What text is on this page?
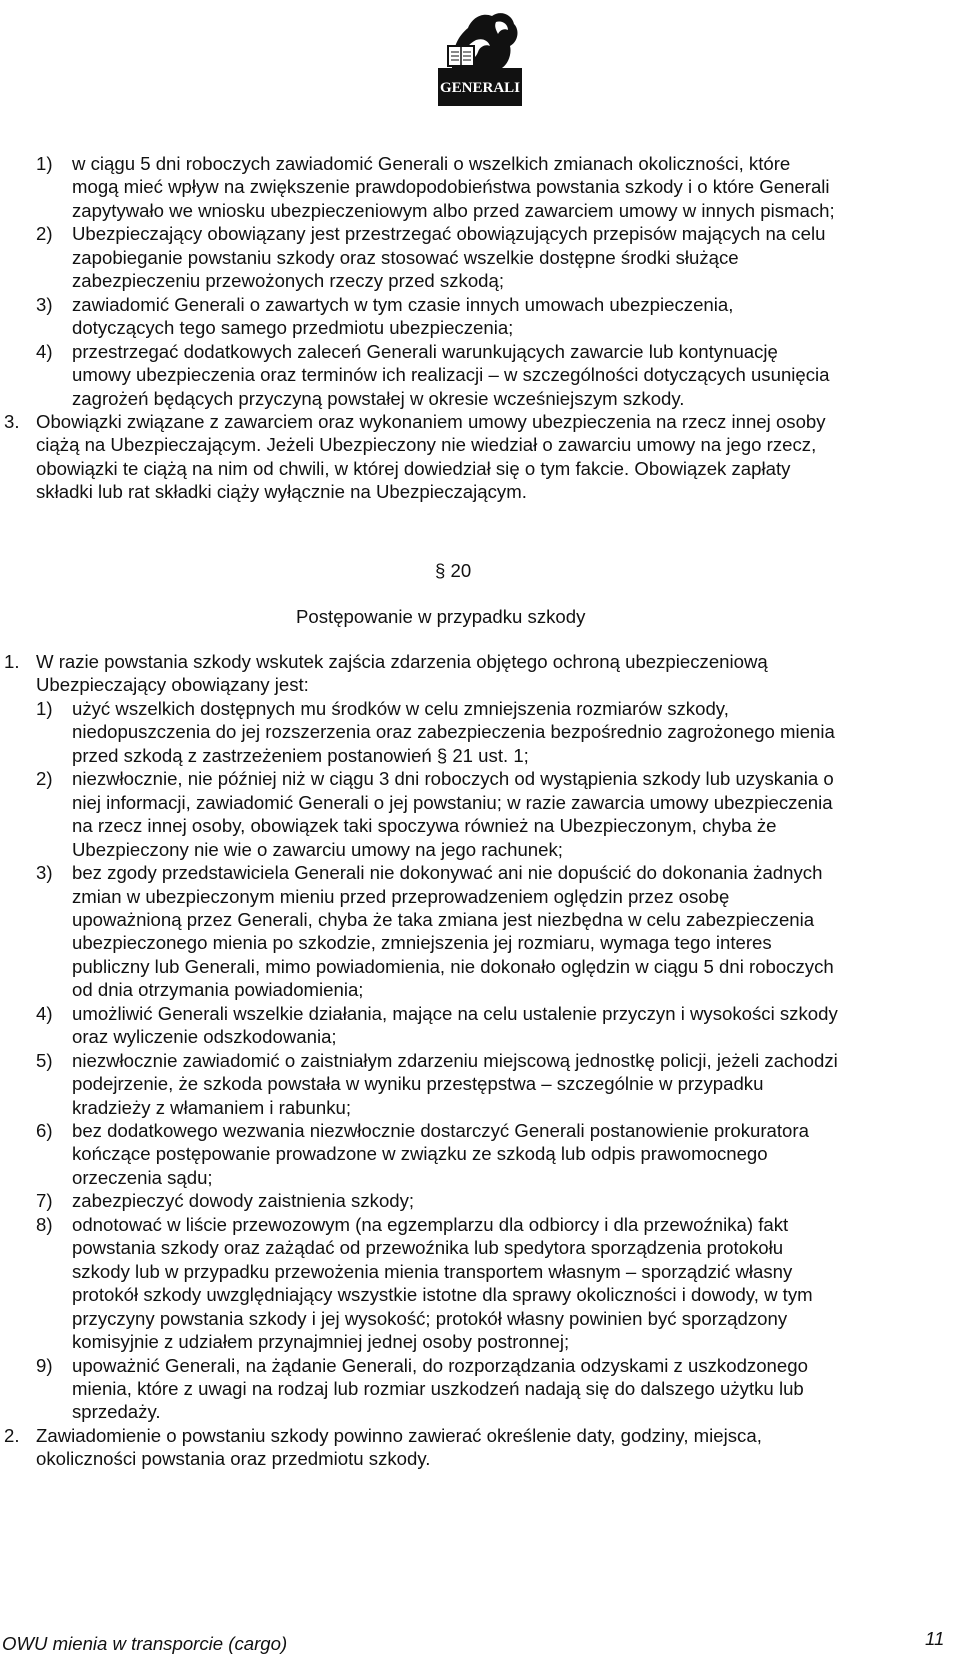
GENERALI
1) w ciągu 5 dni roboczych zawiadomić Generali o wszelkich zmianach okoliczności, które
mogą mieć wpływ na zwiększenie prawdopodobieństwa powstania szkody i o które Generali
zapytywało we wniosku ubezpieczeniowym albo przed zawarciem umowy w innych pismach;
2) Ubezpieczający obowiązany jest przestrzegać obowiązujących przepisów mających na celu
zapobieganie powstaniu szkody oraz stosować wszelkie dostępne środki służące
zabezpieczeniu przewożonych rzeczy przed szkodą;
3) zawiadomić Generali o zawartych w tym czasie innych umowach ubezpieczenia,
dotyczących tego samego przedmiotu ubezpieczenia;
4) przestrzegać dodatkowych zaleceń Generali warunkujących zawarcie lub kontynuację
umowy ubezpieczenia oraz terminów ich realizacji – w szczególności dotyczących usunięcia
zagrożeń będących przyczyną powstałej w okresie wcześniejszym szkody.
3. Obowiązki związane z zawarciem oraz wykonaniem umowy ubezpieczenia na rzecz innej osoby
ciążą na Ubezpieczającym. Jeżeli Ubezpieczony nie wiedział o zawarciu umowy na jego rzecz,
obowiązki te ciążą na nim od chwili, w której dowiedział się o tym fakcie. Obowiązek zapłaty
składki lub rat składki ciąży wyłącznie na Ubezpieczającym.
§ 20
Postępowanie w przypadku szkody
1. W razie powstania szkody wskutek zajścia zdarzenia objętego ochroną ubezpieczeniową
Ubezpieczający obowiązany jest:
1) użyć wszelkich dostępnych mu środków w celu zmniejszenia rozmiarów szkody,
niedopuszczenia do jej rozszerzenia oraz zabezpieczenia bezpośrednio zagrożonego mienia
przed szkodą z zastrzeżeniem postanowień § 21 ust. 1;
2) niezwłocznie, nie później niż w ciągu 3 dni roboczych od wystąpienia szkody lub uzyskania o
niej informacji, zawiadomić Generali o jej powstaniu; w razie zawarcia umowy ubezpieczenia
na rzecz innej osoby, obowiązek taki spoczywa również na Ubezpieczonym, chyba że
Ubezpieczony nie wie o zawarciu umowy na jego rachunek;
3) bez zgody przedstawiciela Generali nie dokonywać ani nie dopuścić do dokonania żadnych
zmian w ubezpieczonym mieniu przed przeprowadzeniem oględzin przez osobę
upoważnioną przez Generali, chyba że taka zmiana jest niezbędna w celu zabezpieczenia
ubezpieczonego mienia po szkodzie, zmniejszenia jej rozmiaru, wymaga tego interes
publiczny lub Generali, mimo powiadomienia, nie dokonało oględzin w ciągu 5 dni roboczych
od dnia otrzymania powiadomienia;
4) umożliwić Generali wszelkie działania, mające na celu ustalenie przyczyn i wysokości szkody
oraz wyliczenie odszkodowania;
5) niezwłocznie zawiadomić o zaistniałym zdarzeniu miejscową jednostkę policji, jeżeli zachodzi
podejrzenie, że szkoda powstała w wyniku przestępstwa – szczególnie w przypadku
kradzieży z włamaniem i rabunku;
6) bez dodatkowego wezwania niezwłocznie dostarczyć Generali postanowienie prokuratora
kończące postępowanie prowadzone w związku ze szkodą lub odpis prawomocnego
orzeczenia sądu;
7) zabezpieczyć dowody zaistnienia szkody;
8) odnotować w liście przewozowym (na egzemplarzu dla odbiorcy i dla przewoźnika) fakt
powstania szkody oraz zażądać od przewoźnika lub spedytora sporządzenia protokołu
szkody lub w przypadku przewożenia mienia transportem własnym – sporządzić własny
protokół szkody uwzględniający wszystkie istotne dla sprawy okoliczności i dowody, w tym
przyczyny powstania szkody i jej wysokość; protokół własny powinien być sporządzony
komisyjnie z udziałem przynajmniej jednej osoby postronnej;
9) upoważnić Generali, na żądanie Generali, do rozporządzania odzyskami z uszkodzonego
mienia, które z uwagi na rodzaj lub rozmiar uszkodzeń nadają się do dalszego użytku lub
sprzedaży.
2. Zawiadomienie o powstaniu szkody powinno zawierać określenie daty, godziny, miejsca,
okoliczności powstania oraz przedmiotu szkody.
OWU mienia w transporcie (cargo)	11
